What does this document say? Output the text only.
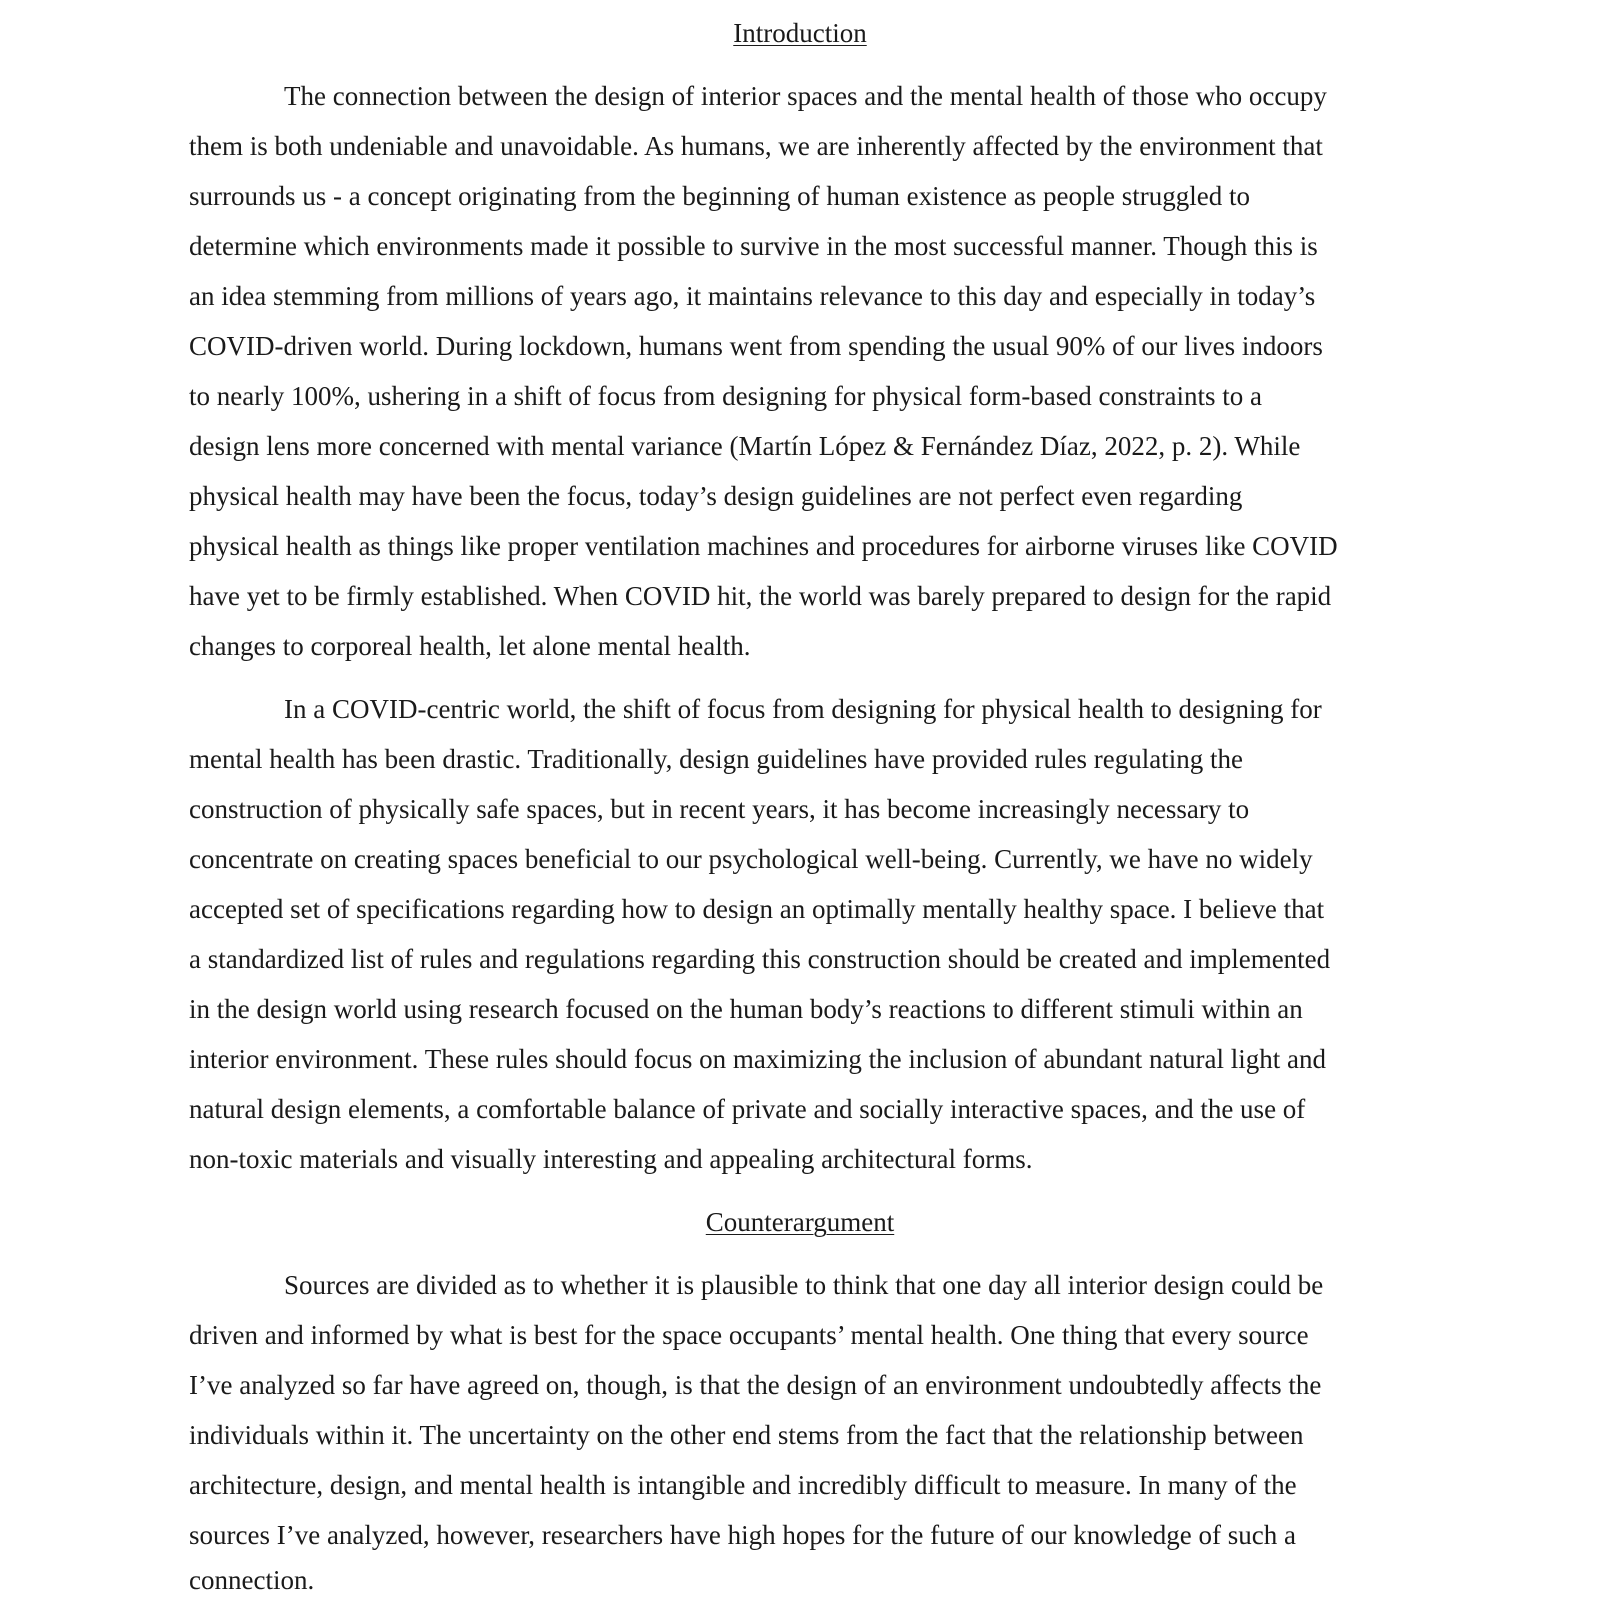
Introduction
The connection between the design of interior spaces and the mental health of those who occupy
them is both undeniable and unavoidable. As humans, we are inherently affected by the environment that
surrounds us - a concept originating from the beginning of human existence as people struggled to
determine which environments made it possible to survive in the most successful manner. Though this is
an idea stemming from millions of years ago, it maintains relevance to this day and especially in today’s
COVID-driven world. During lockdown, humans went from spending the usual 90% of our lives indoors
to nearly 100%, ushering in a shift of focus from designing for physical form-based constraints to a
design lens more concerned with mental variance (Martín López & Fernández Díaz, 2022, p. 2). While
physical health may have been the focus, today’s design guidelines are not perfect even regarding
physical health as things like proper ventilation machines and procedures for airborne viruses like COVID
have yet to be firmly established. When COVID hit, the world was barely prepared to design for the rapid
changes to corporeal health, let alone mental health.
In a COVID-centric world, the shift of focus from designing for physical health to designing for
mental health has been drastic. Traditionally, design guidelines have provided rules regulating the
construction of physically safe spaces, but in recent years, it has become increasingly necessary to
concentrate on creating spaces beneficial to our psychological well-being. Currently, we have no widely
accepted set of specifications regarding how to design an optimally mentally healthy space. I believe that
a standardized list of rules and regulations regarding this construction should be created and implemented
in the design world using research focused on the human body’s reactions to different stimuli within an
interior environment. These rules should focus on maximizing the inclusion of abundant natural light and
natural design elements, a comfortable balance of private and socially interactive spaces, and the use of
non-toxic materials and visually interesting and appealing architectural forms.
Counterargument
Sources are divided as to whether it is plausible to think that one day all interior design could be
driven and informed by what is best for the space occupants’ mental health. One thing that every source
I’ve analyzed so far have agreed on, though, is that the design of an environment undoubtedly affects the
individuals within it. The uncertainty on the other end stems from the fact that the relationship between
architecture, design, and mental health is intangible and incredibly difficult to measure. In many of the
sources I’ve analyzed, however, researchers have high hopes for the future of our knowledge of such a
connection.
